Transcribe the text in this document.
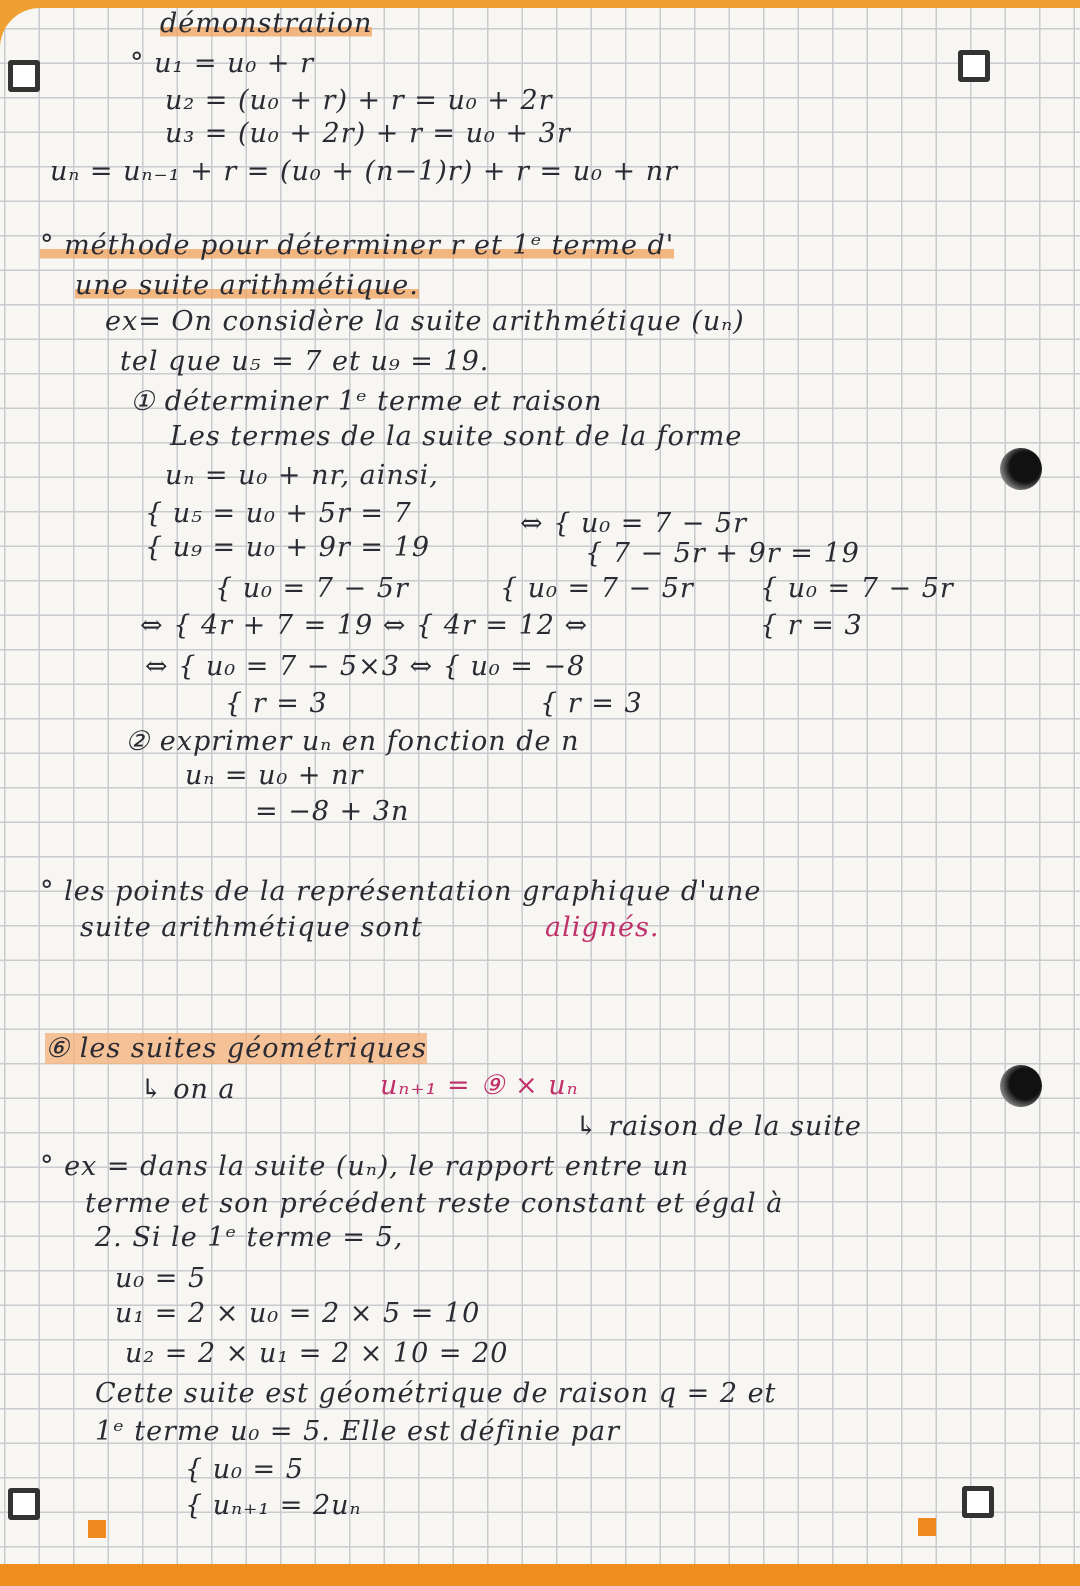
démonstration
° u₁ = u₀ + r
u₂ = (u₀ + r) + r = u₀ + 2r
u₃ = (u₀ + 2r) + r = u₀ + 3r
uₙ = uₙ₋₁ + r = (u₀ + (n−1)r) + r = u₀ + nr
° méthode pour déterminer r et 1ᵉ terme d'
une suite arithmétique.
ex= On considère la suite arithmétique (uₙ)
tel que u₅ = 7 et u₉ = 19.
① déterminer 1ᵉ terme et raison
Les termes de la suite sont de la forme
uₙ = u₀ + nr, ainsi,
{ u₅ = u₀ + 5r = 7
{ u₉ = u₀ + 9r = 19
⇔ { u₀ = 7 − 5r
{ 7 − 5r + 9r = 19
{ u₀ = 7 − 5r	{ u₀ = 7 − 5r { u₀ = 7 − 5r
⇔ { 4r + 7 = 19 ⇔ { 4r = 12 ⇔	{ r = 3
⇔ { u₀ = 7 − 5×3 ⇔ { u₀ = −8
{ r = 3	{ r = 3
② exprimer uₙ en fonction de n
uₙ = u₀ + nr
= −8 + 3n
° les points de la représentation graphique d'une
suite arithmétique sont	alignés.
⑥ les suites géométriques
↳ on a	uₙ₊₁ = ⑨ × uₙ
↳ raison de la suite
° ex = dans la suite (uₙ), le rapport entre un
terme et son précédent reste constant et égal à
2. Si le 1ᵉ terme = 5,
u₀ = 5
u₁ = 2 × u₀ = 2 × 5 = 10
u₂ = 2 × u₁ = 2 × 10 = 20
Cette suite est géométrique de raison q = 2 et
1ᵉ terme u₀ = 5. Elle est définie par
{ u₀ = 5
{ uₙ₊₁ = 2uₙ
